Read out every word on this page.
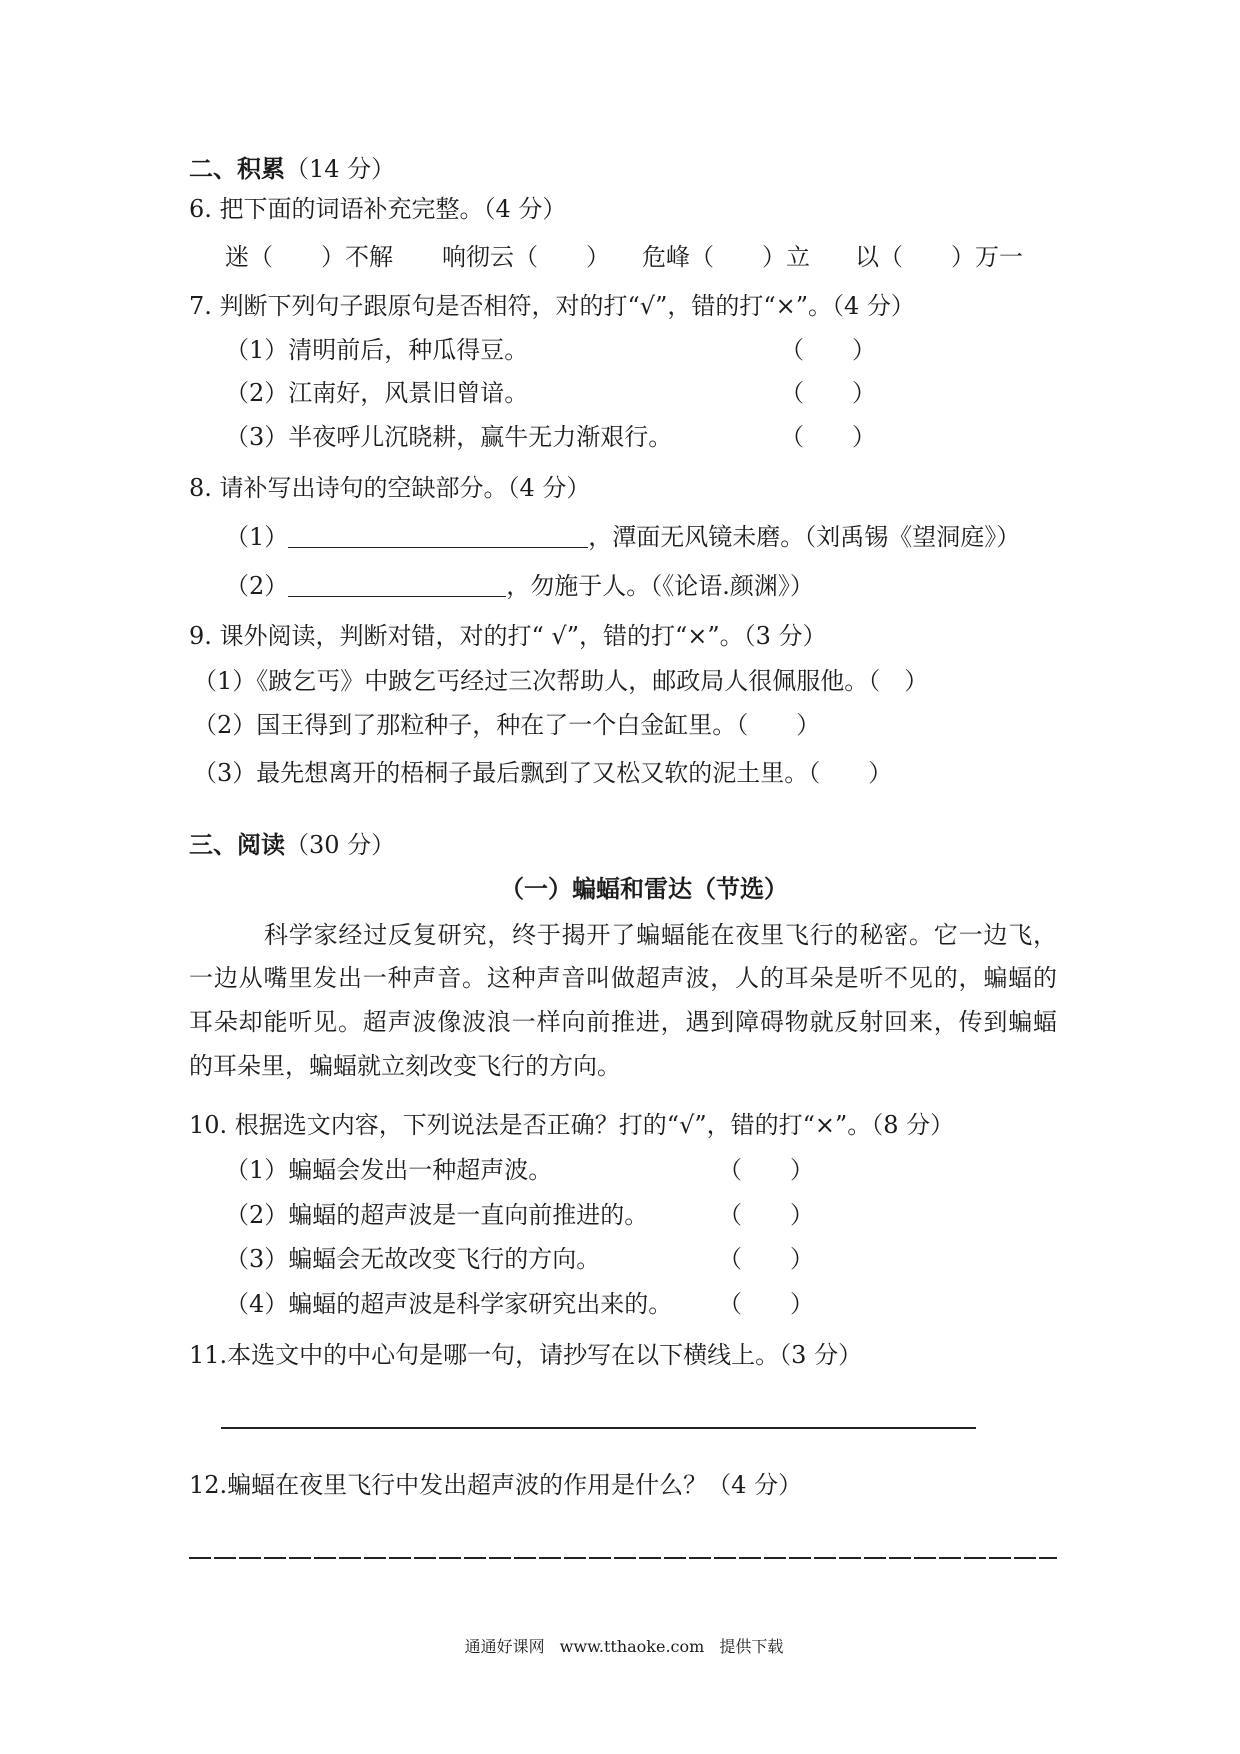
二、积累（14 分）
6. 把下面的词语补充完整。（4 分）
迷（　　）不解 响彻云（　　） 危峰（　　）立 以（　　）万一
7. 判断下列句子跟原句是否相符，对的打“√”，错的打“×”。（4 分）
（1）清明前后，种瓜得豆。	（　　）
（2）江南好，风景旧曾谙。	（　　）
（3）半夜呼儿沉晓耕，赢牛无力渐艰行。	（　　）
8. 请补写出诗句的空缺部分。（4 分）
（1）	，潭面无风镜未磨。（刘禹锡《望洞庭》）
（2）	，勿施于人。（《论语.颜渊》）
9. 课外阅读，判断对错，对的打“ √”，错的打“×”。（3 分）
（1）《跛乞丐》中跛乞丐经过三次帮助人，邮政局人很佩服他。（　）
（2）国王得到了那粒种子，种在了一个白金缸里。（　　）
（3）最先想离开的梧桐子最后飘到了又松又软的泥土里。（　　）
三、阅读（30 分）
（一）蝙蝠和雷达（节选）
科学家经过反复研究，终于揭开了蝙蝠能在夜里飞行的秘密。它一边飞，
一边从嘴里发出一种声音。这种声音叫做超声波，人的耳朵是听不见的，蝙蝠的
耳朵却能听见。超声波像波浪一样向前推进，遇到障碍物就反射回来，传到蝙蝠
的耳朵里，蝙蝠就立刻改变飞行的方向。
10. 根据选文内容，下列说法是否正确？打的“√”，错的打“×”。（8 分）
（1）蝙蝠会发出一种超声波。	（　　）
（2）蝙蝠的超声波是一直向前推进的。	（　　）
（3）蝙蝠会无故改变飞行的方向。	（　　）
（4）蝙蝠的超声波是科学家研究出来的。 （　　）
11.本选文中的中心句是哪一句，请抄写在以下横线上。（3 分）
12.蝙蝠在夜里飞行中发出超声波的作用是什么？（4 分）
通通好课网 www.tthaoke.com 提供下载
